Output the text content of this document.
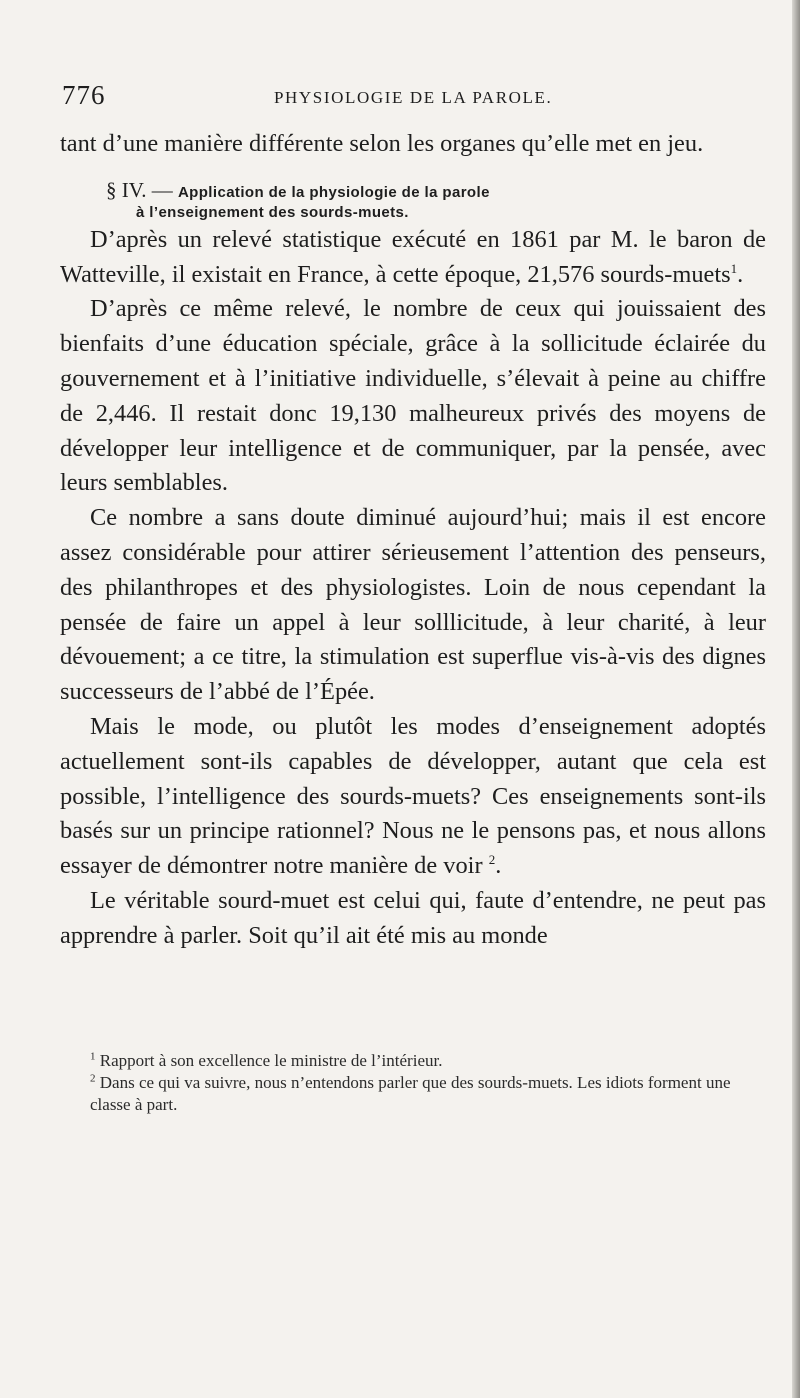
776	PHYSIOLOGIE DE LA PAROLE.

tant d’une manière différente selon les organes qu’elle met en jeu.

§ IV. — Application de la physiologie de la parole
à l’enseignement des sourds-muets.

D’après un relevé statistique exécuté en 1861 par M. le baron de Watteville, il existait en France, à cette époque, 21,576 sourds-muets$^1$.

D’après ce même relevé, le nombre de ceux qui jouissaient des bienfaits d’une éducation spéciale, grâce à la sollicitude éclairée du gouvernement et à l’initiative individuelle, s’élevait à peine au chiffre de 2,446. Il restait donc 19,130 malheureux privés des moyens de développer leur intelligence et de communiquer, par la pensée, avec leurs semblables.

Ce nombre a sans doute diminué aujourd’hui; mais il est encore assez considérable pour attirer sérieusement l’attention des penseurs, des philanthropes et des physiologistes. Loin de nous cependant la pensée de faire un appel à leur solllicitude, à leur charité, à leur dévouement; a ce titre, la stimulation est superflue vis-à-vis des dignes successeurs de l’abbé de l’Épée.

Mais le mode, ou plutôt les modes d’enseignement adoptés actuellement sont-ils capables de développer, autant que cela est possible, l’intelligence des sourds-muets? Ces enseignements sont-ils basés sur un principe rationnel? Nous ne le pensons pas, et nous allons essayer de démontrer notre manière de voir $^2$.

Le véritable sourd-muet est celui qui, faute d’entendre, ne peut pas apprendre à parler. Soit qu’il ait été mis au monde

$^1$ Rapport à son excellence le ministre de l’intérieur.

$^2$ Dans ce qui va suivre, nous n’entendons parler que des sourds-muets. Les idiots forment une classe à part.
